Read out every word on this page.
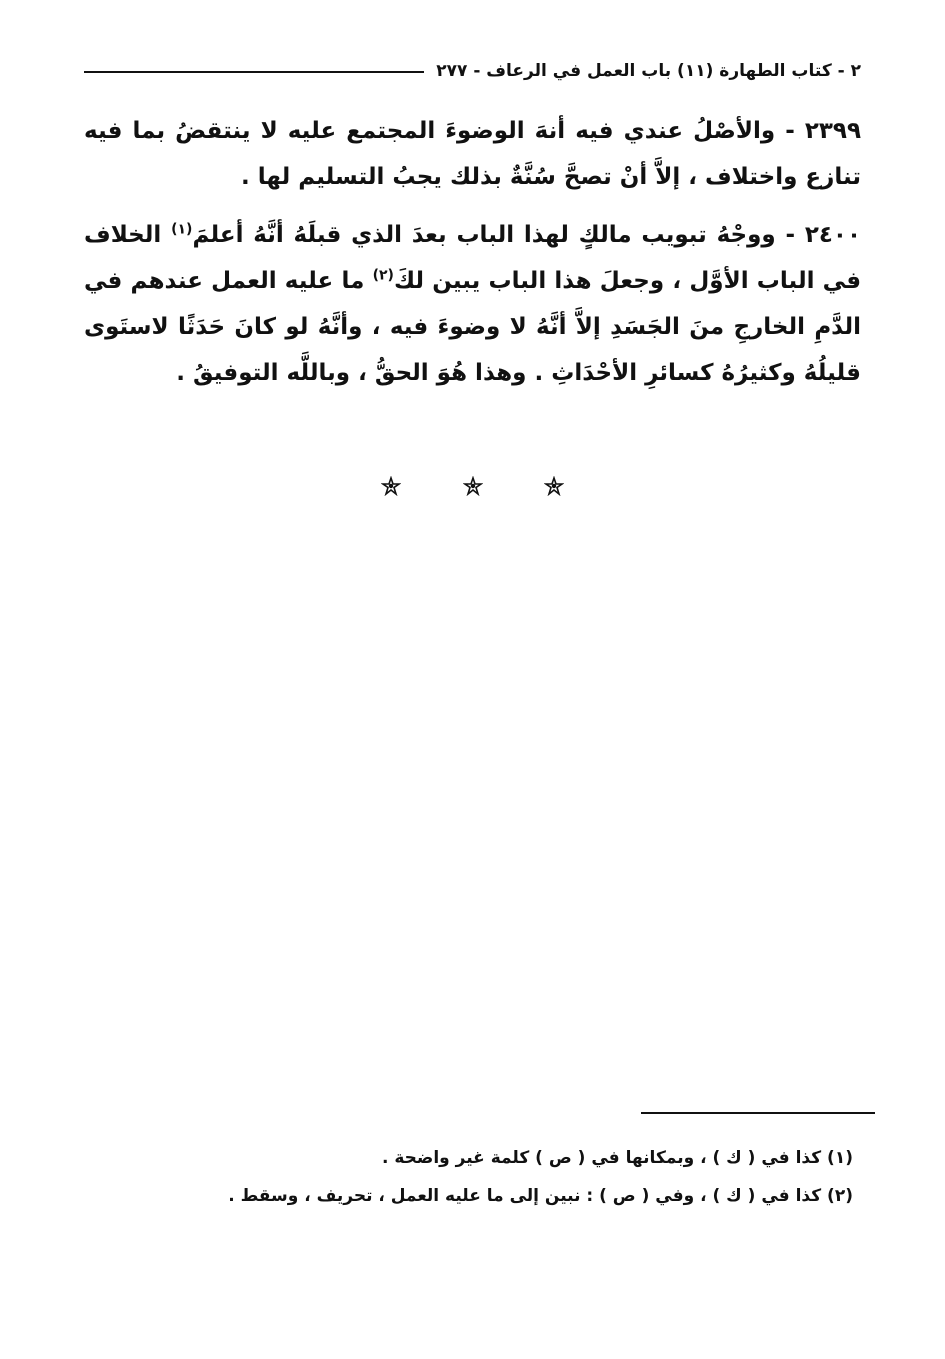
٢ - كتاب الطهارة (١١) باب العمل في الرعاف - ٢٧٧

٢٣٩٩ - والأصْلُ عندي فيه أنهَ الوضوءَ المجتمع عليه لا ينتقضُ بما فيه تنازع واختلاف ، إلاَّ أنْ تصحَّ سُنَّةٌ بذلك يجبُ التسليم لها .

٢٤٠٠ - ووجْهُ تبويب مالكٍ لهذا الباب بعدَ الذي قبلَهُ أنَّهُ أعلمَ$^{(١)}$ الخلاف في الباب الأوَّل ، وجعلَ هذا الباب يبين لكَ$^{(٢)}$ ما عليه العمل عندهم في الدَّمِ الخارجِ منَ الجَسَدِ إلاَّ أنَّهُ لا وضوءَ فيه ، وأنَّهُ لو كانَ حَدَثًا لاستَوى قليلُهُ وكثيرُهُ كسائرِ الأحْدَاثِ . وهذا هُوَ الحقُّ ، وباللَّه التوفيقُ .

(١) كذا في ( ك ) ، وبمكانها في ( ص ) كلمة غير واضحة .

(٢) كذا في ( ك ) ، وفي ( ص ) : نبين إلى ما عليه العمل ، تحريف ، وسقط .
